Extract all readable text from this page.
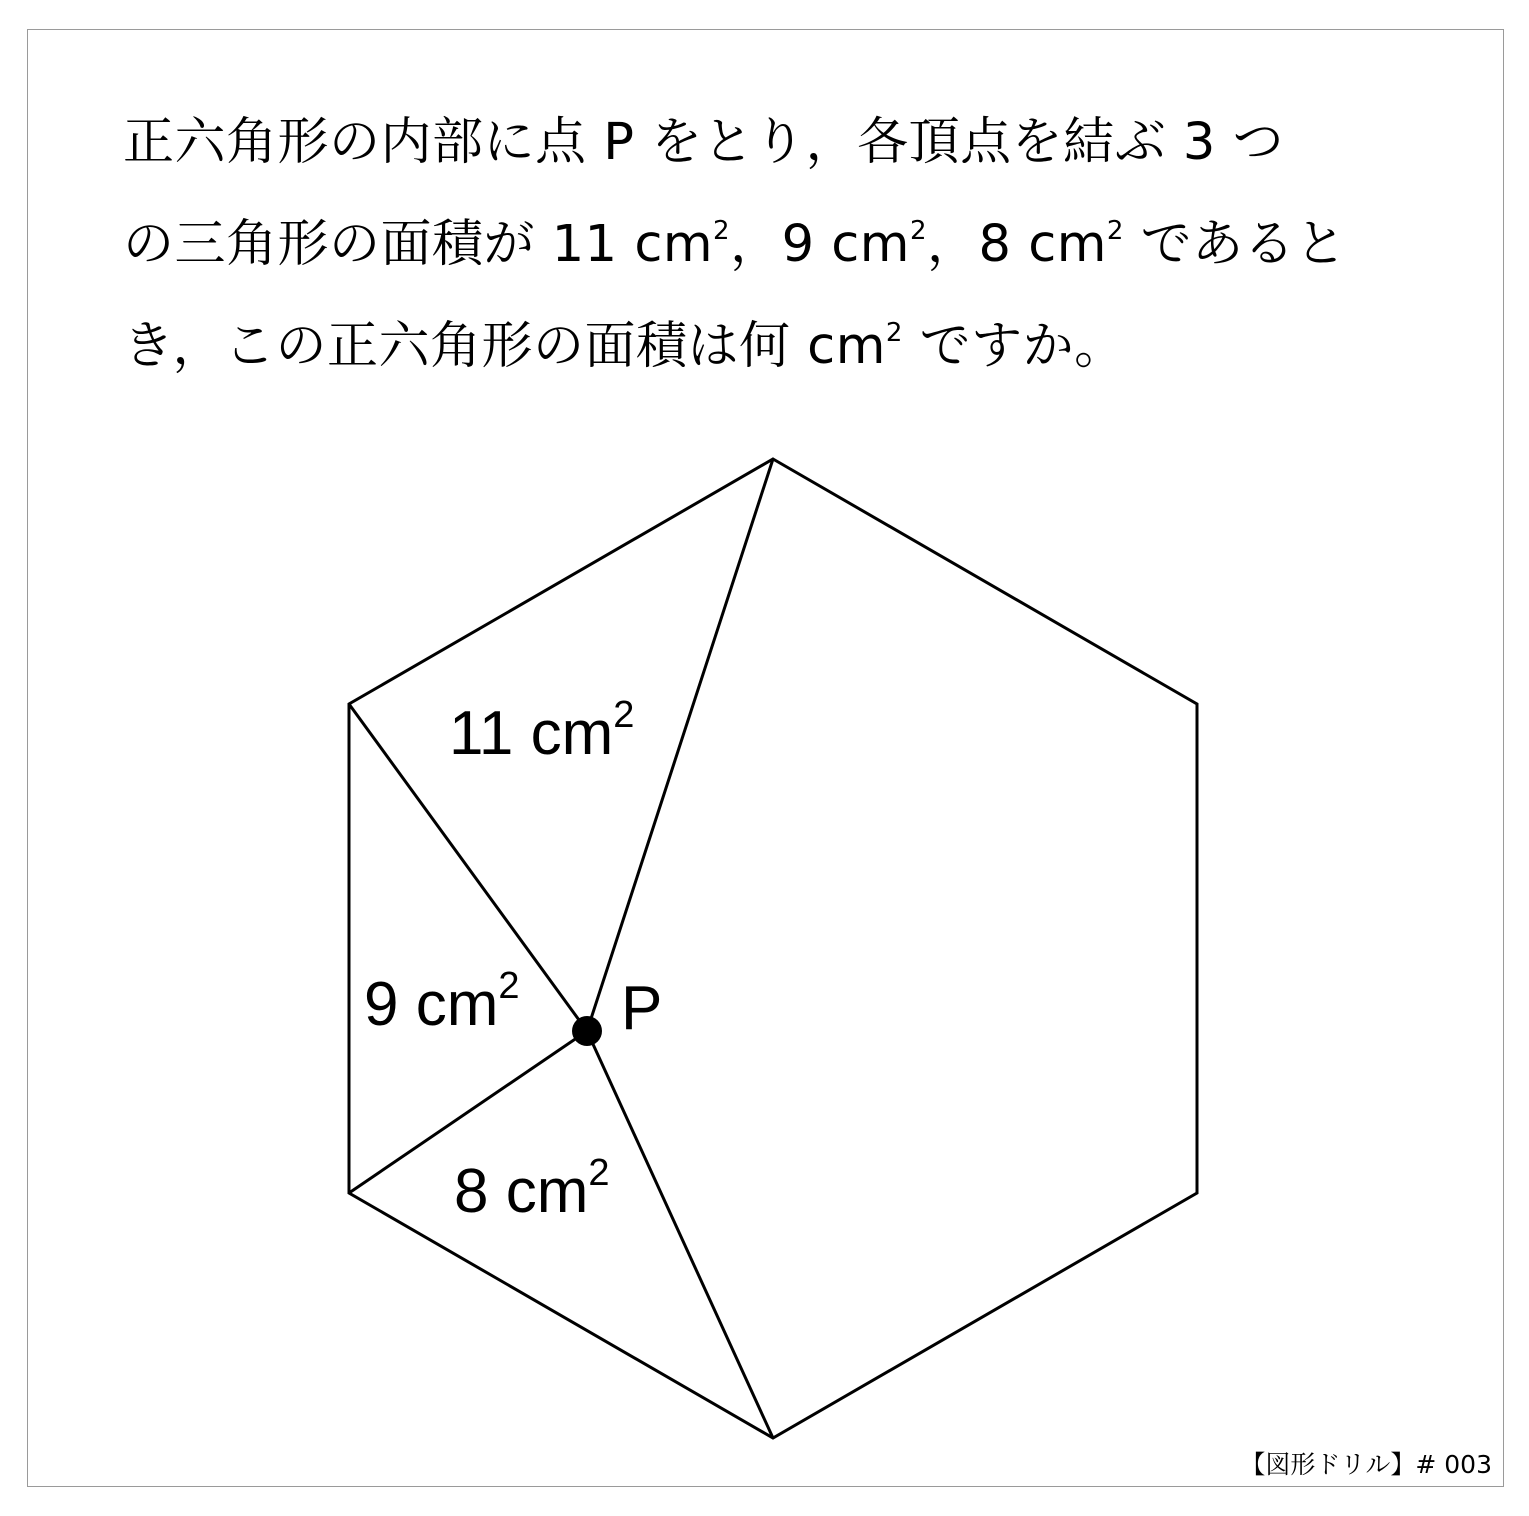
正六角形の内部に点 P をとり，各頂点を結ぶ 3 つ
の三角形の面積が 11 $cm^2$，9 $cm^2$，8 $cm^2$ であると
き，この正六角形の面積は何 $cm^2$ ですか。
P
11 $cm^2$
9 $cm^2$
8 $cm^2$
【図形ドリル】# 003
